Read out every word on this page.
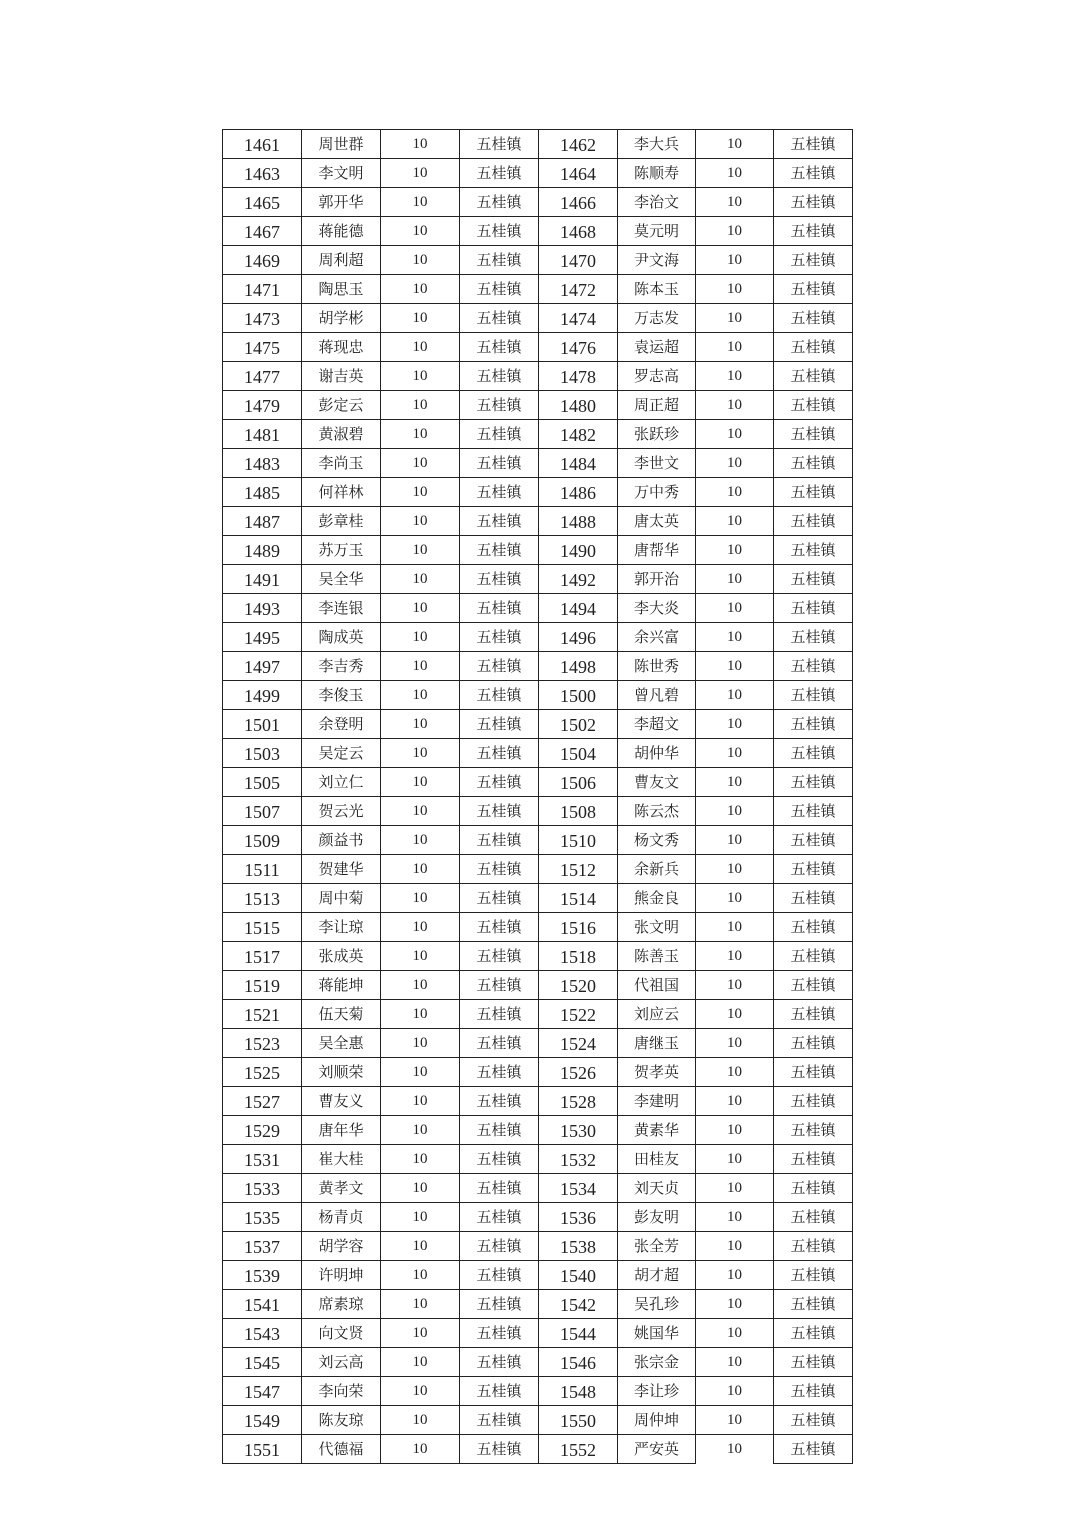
1461	周世群	10	五桂镇	1462	李大兵	10	五桂镇
1463	李文明	10	五桂镇	1464	陈顺寿	10	五桂镇
1465	郭开华	10	五桂镇	1466	李治文	10	五桂镇
1467	蒋能德	10	五桂镇	1468	莫元明	10	五桂镇
1469	周利超	10	五桂镇	1470	尹文海	10	五桂镇
1471	陶思玉	10	五桂镇	1472	陈本玉	10	五桂镇
1473	胡学彬	10	五桂镇	1474	万志发	10	五桂镇
1475	蒋现忠	10	五桂镇	1476	袁运超	10	五桂镇
1477	谢吉英	10	五桂镇	1478	罗志高	10	五桂镇
1479	彭定云	10	五桂镇	1480	周正超	10	五桂镇
1481	黄淑碧	10	五桂镇	1482	张跃珍	10	五桂镇
1483	李尚玉	10	五桂镇	1484	李世文	10	五桂镇
1485	何祥林	10	五桂镇	1486	万中秀	10	五桂镇
1487	彭章桂	10	五桂镇	1488	唐太英	10	五桂镇
1489	苏万玉	10	五桂镇	1490	唐帮华	10	五桂镇
1491	吴全华	10	五桂镇	1492	郭开治	10	五桂镇
1493	李连银	10	五桂镇	1494	李大炎	10	五桂镇
1495	陶成英	10	五桂镇	1496	余兴富	10	五桂镇
1497	李吉秀	10	五桂镇	1498	陈世秀	10	五桂镇
1499	李俊玉	10	五桂镇	1500	曾凡碧	10	五桂镇
1501	余登明	10	五桂镇	1502	李超文	10	五桂镇
1503	吴定云	10	五桂镇	1504	胡仲华	10	五桂镇
1505	刘立仁	10	五桂镇	1506	曹友文	10	五桂镇
1507	贺云光	10	五桂镇	1508	陈云杰	10	五桂镇
1509	颜益书	10	五桂镇	1510	杨文秀	10	五桂镇
1511	贺建华	10	五桂镇	1512	余新兵	10	五桂镇
1513	周中菊	10	五桂镇	1514	熊金良	10	五桂镇
1515	李让琼	10	五桂镇	1516	张文明	10	五桂镇
1517	张成英	10	五桂镇	1518	陈善玉	10	五桂镇
1519	蒋能坤	10	五桂镇	1520	代祖国	10	五桂镇
1521	伍天菊	10	五桂镇	1522	刘应云	10	五桂镇
1523	吴全惠	10	五桂镇	1524	唐继玉	10	五桂镇
1525	刘顺荣	10	五桂镇	1526	贺孝英	10	五桂镇
1527	曹友义	10	五桂镇	1528	李建明	10	五桂镇
1529	唐年华	10	五桂镇	1530	黄素华	10	五桂镇
1531	崔大桂	10	五桂镇	1532	田桂友	10	五桂镇
1533	黄孝文	10	五桂镇	1534	刘天贞	10	五桂镇
1535	杨青贞	10	五桂镇	1536	彭友明	10	五桂镇
1537	胡学容	10	五桂镇	1538	张全芳	10	五桂镇
1539	许明坤	10	五桂镇	1540	胡才超	10	五桂镇
1541	席素琼	10	五桂镇	1542	吴孔珍	10	五桂镇
1543	向文贤	10	五桂镇	1544	姚国华	10	五桂镇
1545	刘云高	10	五桂镇	1546	张宗金	10	五桂镇
1547	李向荣	10	五桂镇	1548	李让珍	10	五桂镇
1549	陈友琼	10	五桂镇	1550	周仲坤	10	五桂镇
1551	代德福	10	五桂镇	1552	严安英	10	五桂镇
